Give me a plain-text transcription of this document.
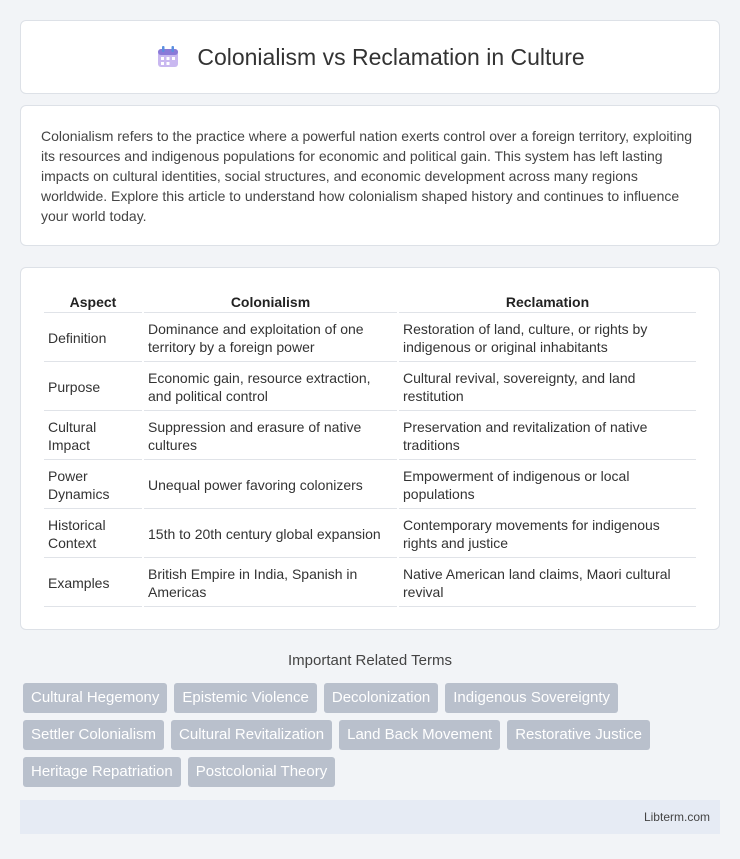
Colonialism vs Reclamation in Culture

Colonialism refers to the practice where a powerful nation exerts control over a foreign territory, exploiting its resources and indigenous populations for economic and political gain. This system has left lasting impacts on cultural identities, social structures, and economic development across many regions worldwide. Explore this article to understand how colonialism shaped history and continues to influence your world today.

Aspect	Colonialism	Reclamation
Definition	Dominance and exploitation of one territory by a foreign power	Restoration of land, culture, or rights by indigenous or original inhabitants
Purpose	Economic gain, resource extraction, and political control	Cultural revival, sovereignty, and land restitution
Cultural Impact	Suppression and erasure of native cultures	Preservation and revitalization of native traditions
Power Dynamics	Unequal power favoring colonizers	Empowerment of indigenous or local populations
Historical Context	15th to 20th century global expansion	Contemporary movements for indigenous rights and justice
Examples	British Empire in India, Spanish in Americas	Native American land claims, Maori cultural revival
Important Related Terms
Cultural Hegemony	Epistemic Violence	Decolonization	Indigenous Sovereignty
Settler Colonialism	Cultural Revitalization	Land Back Movement	Restorative Justice
Heritage Repatriation	Postcolonial Theory
Libterm.com
